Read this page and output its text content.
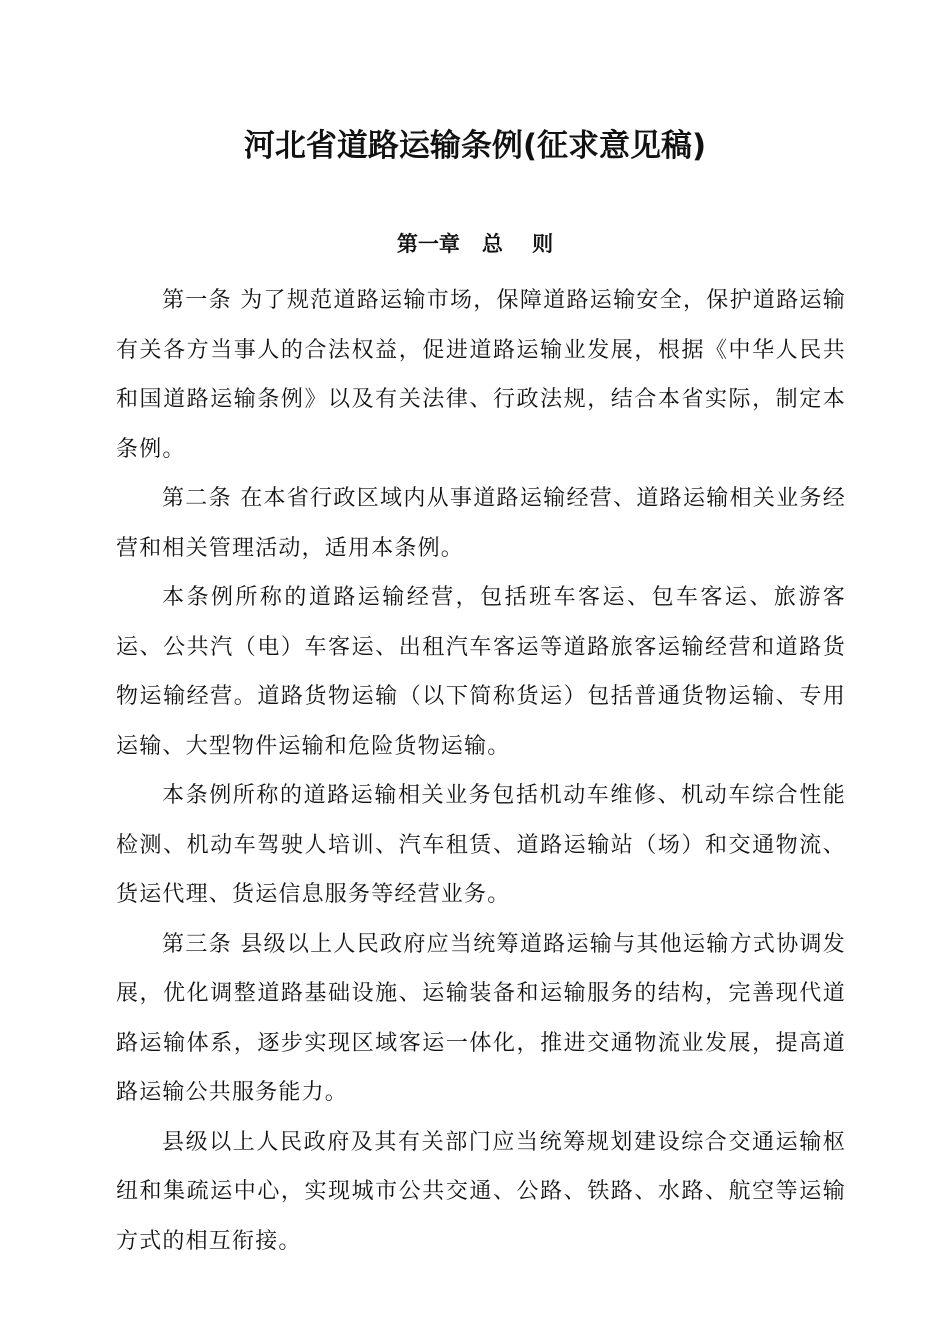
河北省道路运输条例(征求意见稿)
第一章   总    则

第一条 为了规范道路运输市场，保障道路运输安全，保护道路运输有关各方当事人的合法权益，促进道路运输业发展，根据《中华人民共和国道路运输条例》以及有关法律、行政法规，结合本省实际，制定本条例。

第二条 在本省行政区域内从事道路运输经营、道路运输相关业务经营和相关管理活动，适用本条例。

本条例所称的道路运输经营，包括班车客运、包车客运、旅游客运、公共汽（电）车客运、出租汽车客运等道路旅客运输经营和道路货物运输经营。道路货物运输（以下简称货运）包括普通货物运输、专用运输、大型物件运输和危险货物运输。

本条例所称的道路运输相关业务包括机动车维修、机动车综合性能检测、机动车驾驶人培训、汽车租赁、道路运输站（场）和交通物流、货运代理、货运信息服务等经营业务。

第三条 县级以上人民政府应当统筹道路运输与其他运输方式协调发展，优化调整道路基础设施、运输装备和运输服务的结构，完善现代道路运输体系，逐步实现区域客运一体化，推进交通物流业发展，提高道路运输公共服务能力。

县级以上人民政府及其有关部门应当统筹规划建设综合交通运输枢纽和集疏运中心，实现城市公共交通、公路、铁路、水路、航空等运输方式的相互衔接。
